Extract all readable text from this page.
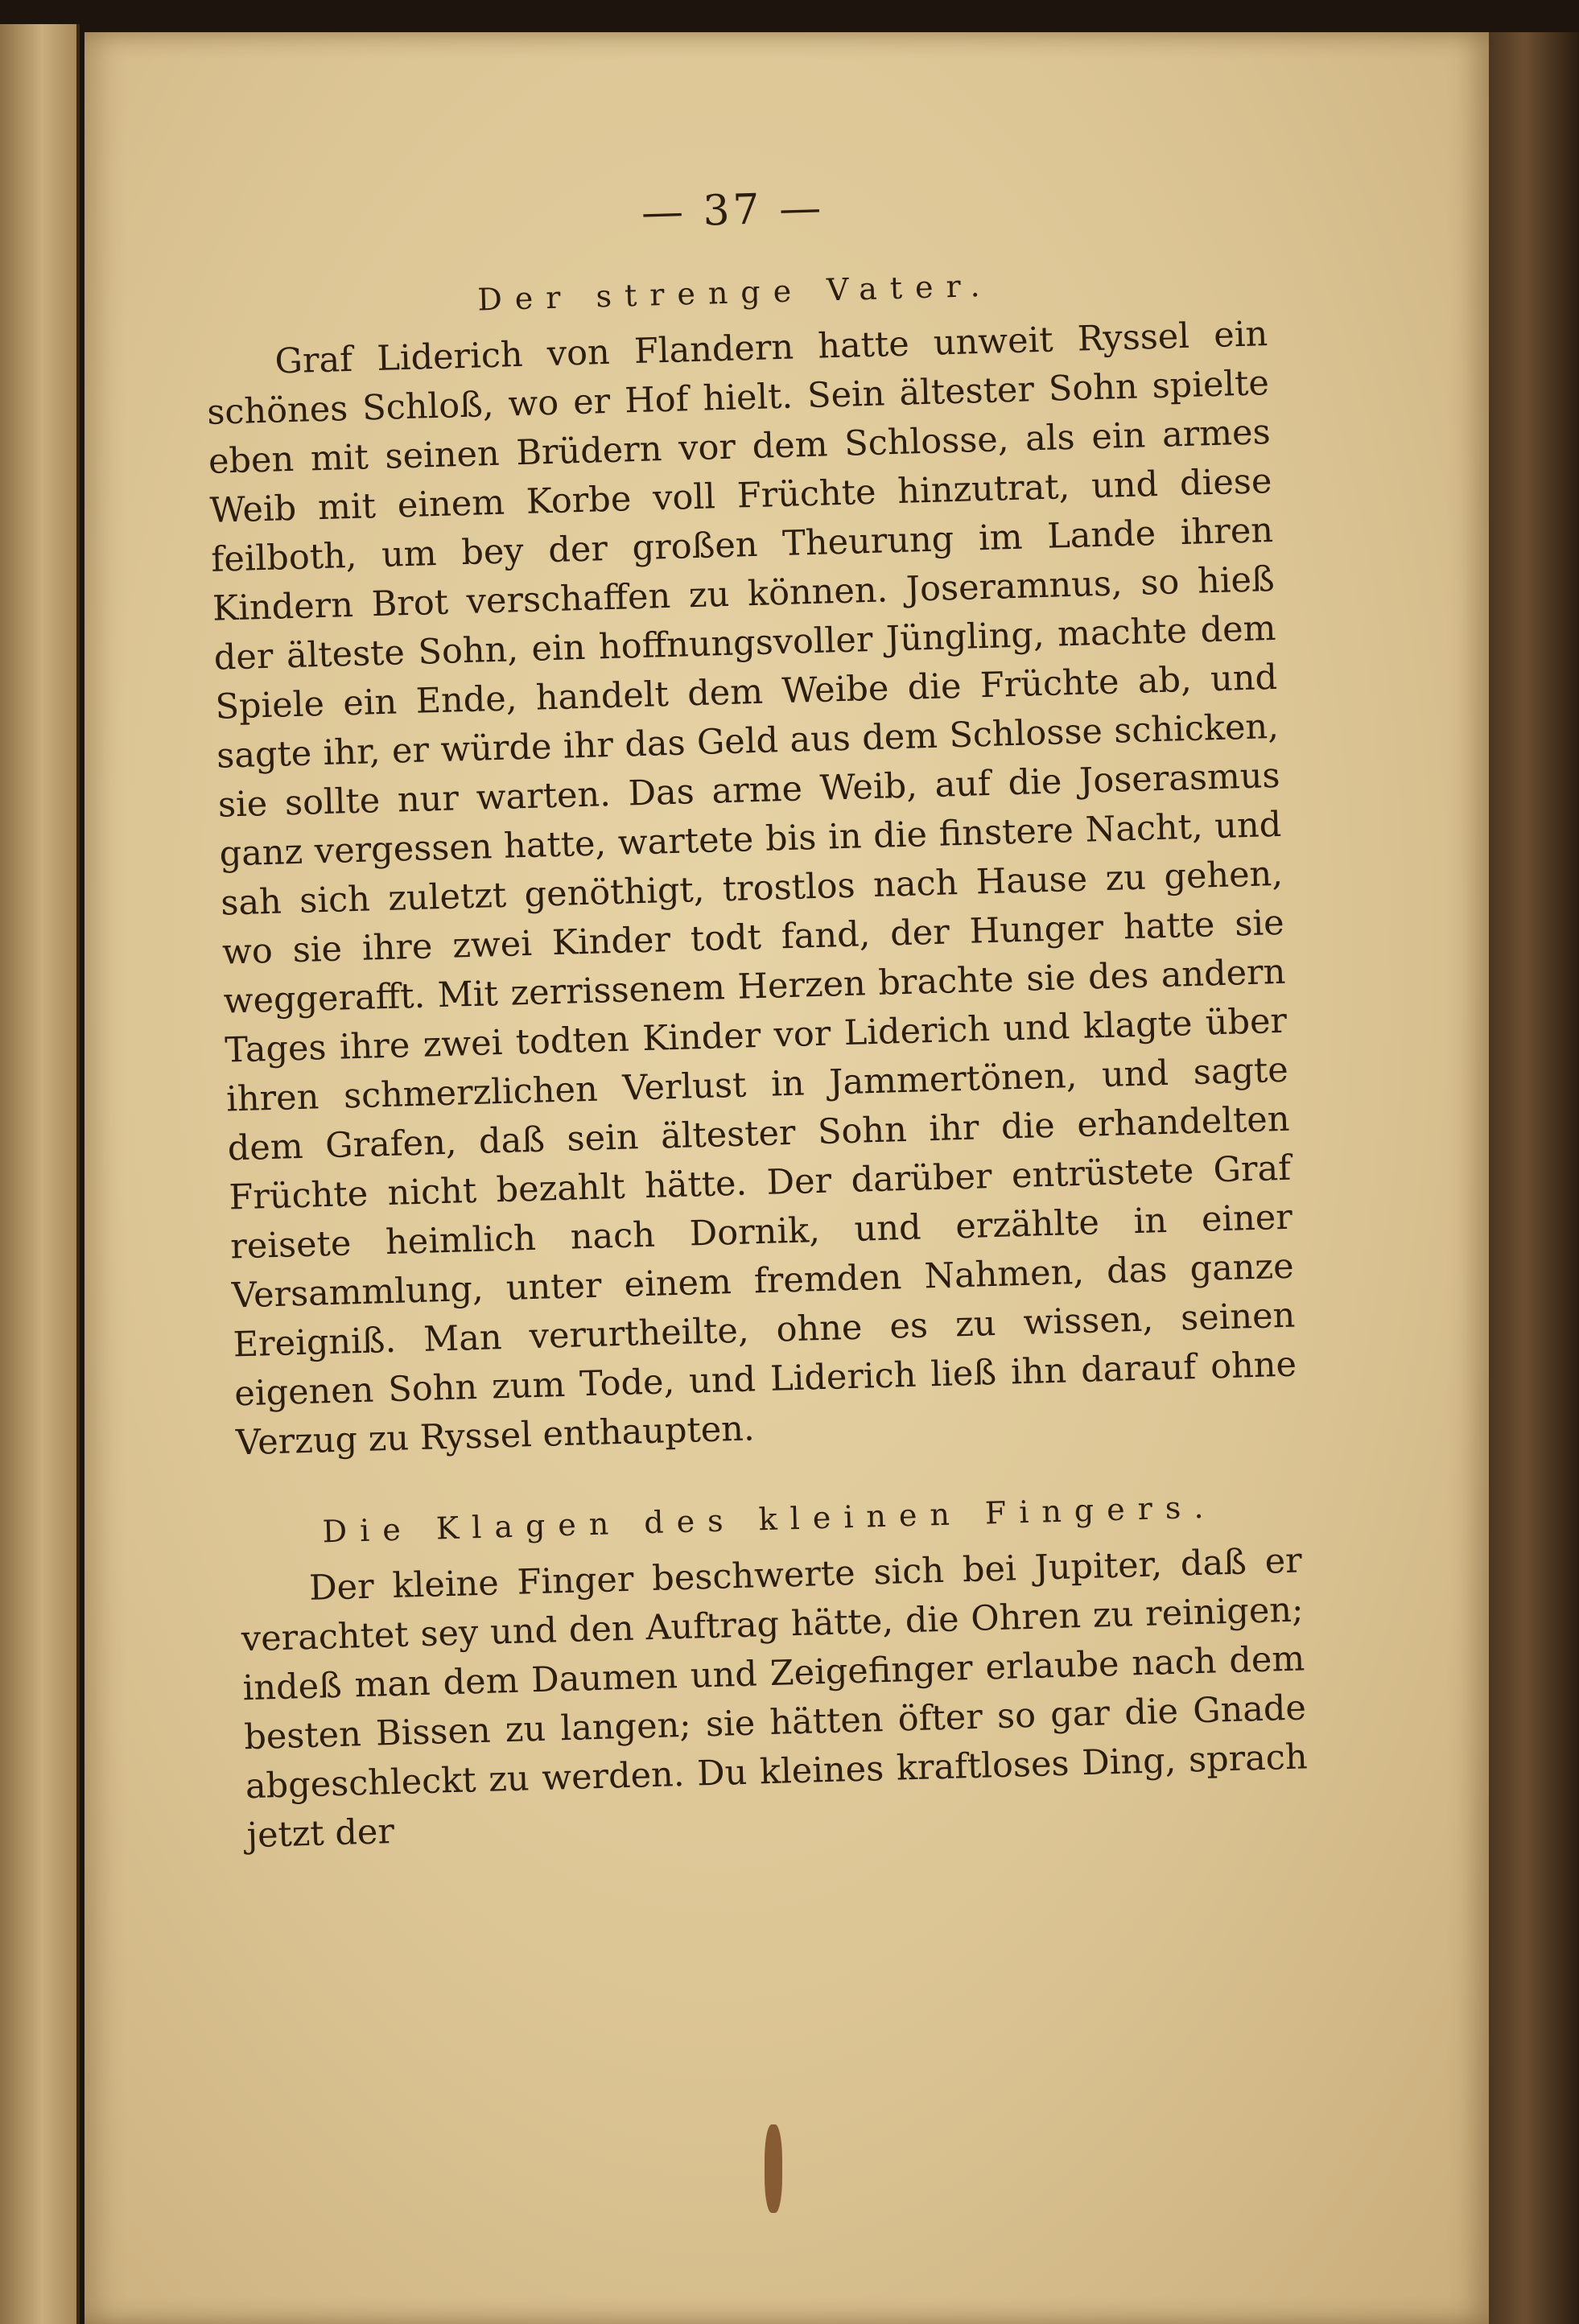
— 37 —
Der strenge Vater.

Graf Liderich von Flandern hatte unweit Ryssel ein schönes Schloß, wo er Hof hielt. Sein ältester Sohn spielte eben mit seinen Brüdern vor dem Schlosse, als ein armes Weib mit einem Korbe voll Früchte hinzutrat, und diese feilboth, um bey der großen Theurung im Lande ihren Kindern Brot verschaffen zu können. Joseramnus, so hieß der älteste Sohn, ein hoffnungsvoller Jüngling, machte dem Spiele ein Ende, handelt dem Weibe die Früchte ab, und sagte ihr, er würde ihr das Geld aus dem Schlosse schicken, sie sollte nur warten. Das arme Weib, auf die Joserasmus ganz vergessen hatte, wartete bis in die finstere Nacht, und sah sich zuletzt genöthigt, trostlos nach Hause zu gehen, wo sie ihre zwei Kinder todt fand, der Hunger hatte sie weggerafft. Mit zerrissenem Herzen brachte sie des andern Tages ihre zwei todten Kinder vor Liderich und klagte über ihren schmerzlichen Verlust in Jammertönen, und sagte dem Grafen, daß sein ältester Sohn ihr die erhandelten Früchte nicht bezahlt hätte. Der darüber entrüstete Graf reisete heimlich nach Dornik, und erzählte in einer Versammlung, unter einem fremden Nahmen, das ganze Ereigniß. Man verurtheilte, ohne es zu wissen, seinen eigenen Sohn zum Tode, und Liderich ließ ihn darauf ohne Verzug zu Ryssel enthaupten.

Die Klagen des kleinen Fingers.

Der kleine Finger beschwerte sich bei Jupiter, daß er verachtet sey und den Auftrag hätte, die Ohren zu reinigen; indeß man dem Daumen und Zeigefinger erlaube nach dem besten Bissen zu langen; sie hätten öfter so gar die Gnade abgeschleckt zu werden. Du kleines kraftloses Ding, sprach jetzt der
